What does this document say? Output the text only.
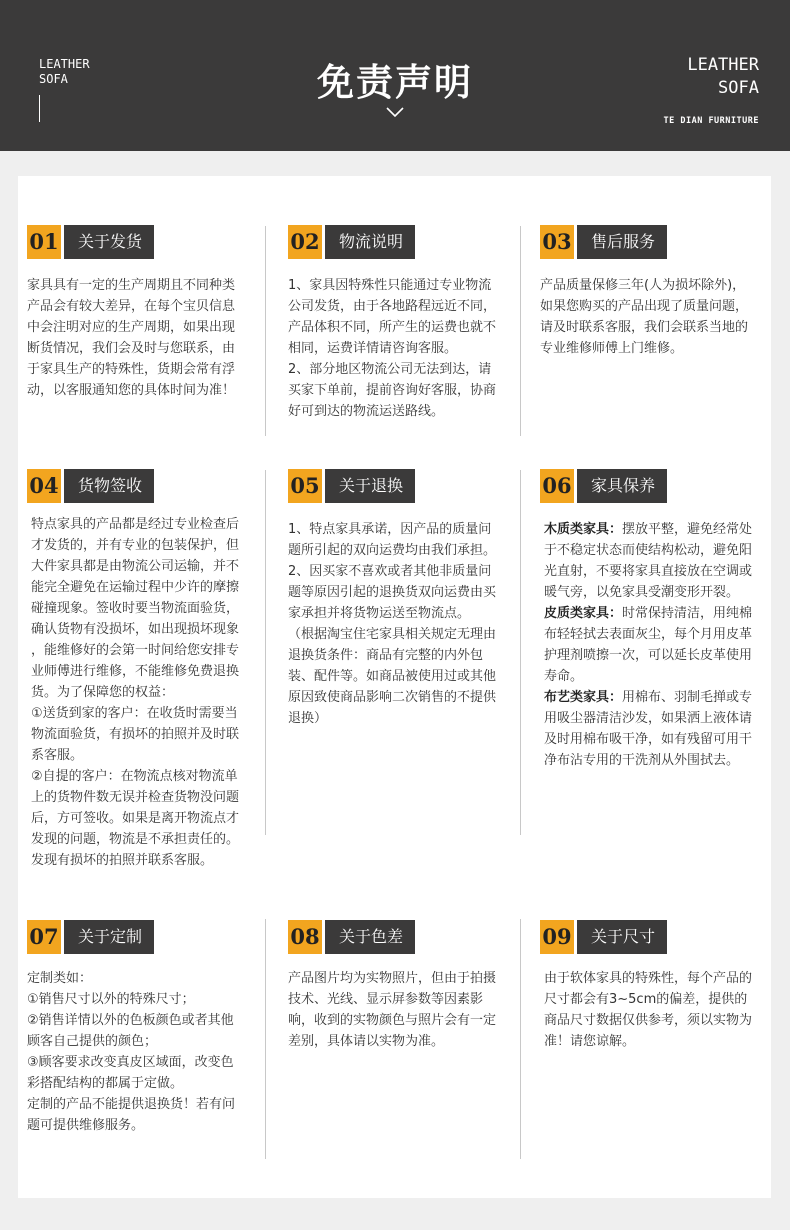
LEATHER
SOFA	免责声明	LEATHER
SOFA
TE DIAN FURNITURE
01	关于发货

家具具有一定的生产周期且不同种类

产品会有较大差异，在每个宝贝信息

中会注明对应的生产周期，如果出现

断货情况，我们会及时与您联系，由

于家具生产的特殊性，货期会常有浮

动，以客服通知您的具体时间为准！

02	物流说明

1、家具因特殊性只能通过专业物流

公司发货，由于各地路程远近不同，

产品体积不同，所产生的运费也就不

相同，运费详情请咨询客服。

2、部分地区物流公司无法到达，请

买家下单前，提前咨询好客服，协商

好可到达的物流运送路线。

03	售后服务

产品质量保修三年(人为损坏除外)，

如果您购买的产品出现了质量问题，

请及时联系客服，我们会联系当地的

专业维修师傅上门维修。

04	货物签收

特点家具的产品都是经过专业检查后

才发货的，并有专业的包装保护，但

大件家具都是由物流公司运输，并不

能完全避免在运输过程中少许的摩擦

碰撞现象。签收时要当物流面验货，

确认货物有没损坏，如出现损坏现象

，能维修好的会第一时间给您安排专

业师傅进行维修，不能维修免费退换

货。为了保障您的权益：

①送货到家的客户：在收货时需要当

物流面验货，有损坏的拍照并及时联

系客服。

②自提的客户：在物流点核对物流单

上的货物件数无误并检查货物没问题

后，方可签收。如果是离开物流点才

发现的问题，物流是不承担责任的。

发现有损坏的拍照并联系客服。

05	关于退换

1、特点家具承诺，因产品的质量问

题所引起的双向运费均由我们承担。

2、因买家不喜欢或者其他非质量问

题等原因引起的退换货双向运费由买

家承担并将货物运送至物流点。

（根据淘宝住宅家具相关规定无理由

退换货条件：商品有完整的内外包

装、配件等。如商品被使用过或其他

原因致使商品影响二次销售的不提供

退换）

06	家具保养

木质类家具：摆放平整，避免经常处

于不稳定状态而使结构松动，避免阳

光直射，不要将家具直接放在空调或

暖气旁，以免家具受潮变形开裂。

皮质类家具：时常保持清洁，用纯棉

布轻轻拭去表面灰尘，每个月用皮革

护理剂喷擦一次，可以延长皮革使用

寿命。

布艺类家具：用棉布、羽制毛掸或专

用吸尘器清洁沙发，如果洒上液体请

及时用棉布吸干净，如有残留可用干

净布沾专用的干洗剂从外围拭去。

07	关于定制

定制类如：

①销售尺寸以外的特殊尺寸；

②销售详情以外的色板颜色或者其他

顾客自己提供的颜色；

③顾客要求改变真皮区域面，改变色

彩搭配结构的都属于定做。

定制的产品不能提供退换货！若有问

题可提供维修服务。

08	关于色差

产品图片均为实物照片，但由于拍摄

技术、光线、显示屏参数等因素影

响，收到的实物颜色与照片会有一定

差别，具体请以实物为准。

09	关于尺寸

由于软体家具的特殊性，每个产品的

尺寸都会有3~5cm的偏差，提供的

商品尺寸数据仅供参考，须以实物为

准！请您谅解。
